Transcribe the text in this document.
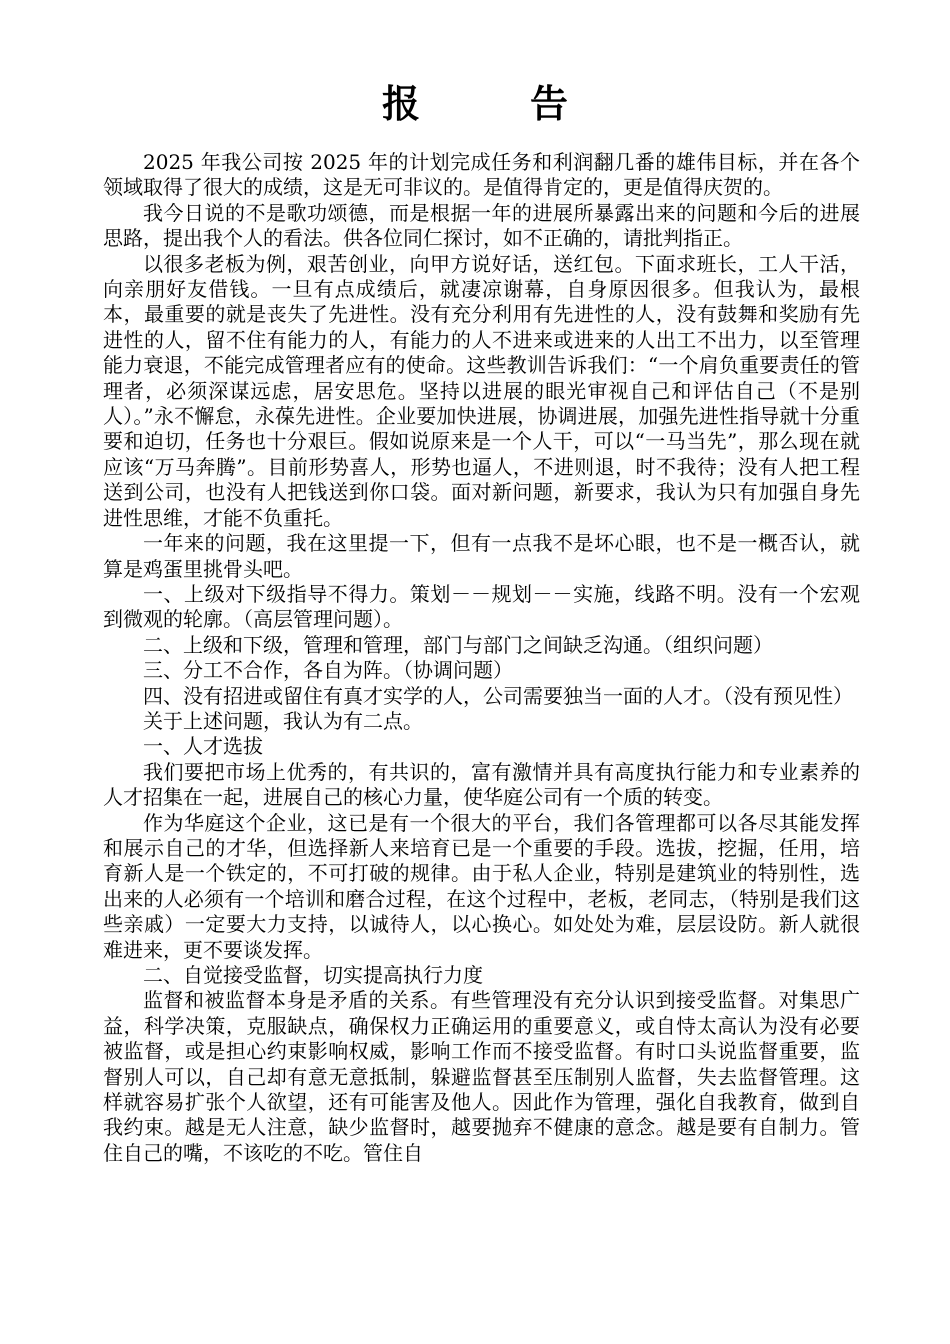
报告

2025 年我公司按 2025 年的计划完成任务和利润翻几番的雄伟目标，并在各个领域取得了很大的成绩，这是无可非议的。是值得肯定的，更是值得庆贺的。

我今日说的不是歌功颂德，而是根据一年的进展所暴露出来的问题和今后的进展思路，提出我个人的看法。供各位同仁探讨，如不正确的，请批判指正。

以很多老板为例，艰苦创业，向甲方说好话，送红包。下面求班长，工人干活，向亲朋好友借钱。一旦有点成绩后，就凄凉谢幕，自身原因很多。但我认为，最根本，最重要的就是丧失了先进性。没有充分利用有先进性的人，没有鼓舞和奖励有先进性的人，留不住有能力的人，有能力的人不进来或进来的人出工不出力，以至管理能力衰退，不能完成管理者应有的使命。这些教训告诉我们：“一个肩负重要责任的管理者，必须深谋远虑，居安思危。坚持以进展的眼光审视自己和评估自己（不是别人）。”永不懈怠，永葆先进性。企业要加快进展，协调进展，加强先进性指导就十分重要和迫切，任务也十分艰巨。假如说原来是一个人干，可以“一马当先”，那么现在就应该“万马奔腾”。目前形势喜人，形势也逼人，不进则退，时不我待；没有人把工程送到公司，也没有人把钱送到你口袋。面对新问题，新要求，我认为只有加强自身先进性思维，才能不负重托。

一年来的问题，我在这里提一下，但有一点我不是坏心眼，也不是一概否认，就算是鸡蛋里挑骨头吧。

一、上级对下级指导不得力。策划－－规划－－实施，线路不明。没有一个宏观到微观的轮廓。（高层管理问题）。

二、上级和下级，管理和管理，部门与部门之间缺乏沟通。（组织问题）

三、分工不合作，各自为阵。（协调问题）

四、没有招进或留住有真才实学的人，公司需要独当一面的人才。（没有预见性）

关于上述问题，我认为有二点。

一、人才选拔

我们要把市场上优秀的，有共识的，富有激情并具有高度执行能力和专业素养的人才招集在一起，进展自己的核心力量，使华庭公司有一个质的转变。

作为华庭这个企业，这已是有一个很大的平台，我们各管理都可以各尽其能发挥和展示自己的才华，但选择新人来培育已是一个重要的手段。选拔，挖掘，任用，培育新人是一个铁定的，不可打破的规律。由于私人企业，特别是建筑业的特别性，选出来的人必须有一个培训和磨合过程，在这个过程中，老板，老同志，（特别是我们这些亲戚）一定要大力支持，以诚待人，以心换心。如处处为难，层层设防。新人就很难进来，更不要谈发挥。

二、自觉接受监督，切实提高执行力度

监督和被监督本身是矛盾的关系。有些管理没有充分认识到接受监督。对集思广益，科学决策，克服缺点，确保权力正确运用的重要意义，或自恃太高认为没有必要被监督，或是担心约束影响权威，影响工作而不接受监督。有时口头说监督重要，监督别人可以，自己却有意无意抵制，躲避监督甚至压制别人监督，失去监督管理。这样就容易扩张个人欲望，还有可能害及他人。因此作为管理，强化自我教育，做到自我约束。越是无人注意，缺少监督时，越要抛弃不健康的意念。越是要有自制力。管住自己的嘴，不该吃的不吃。管住自
